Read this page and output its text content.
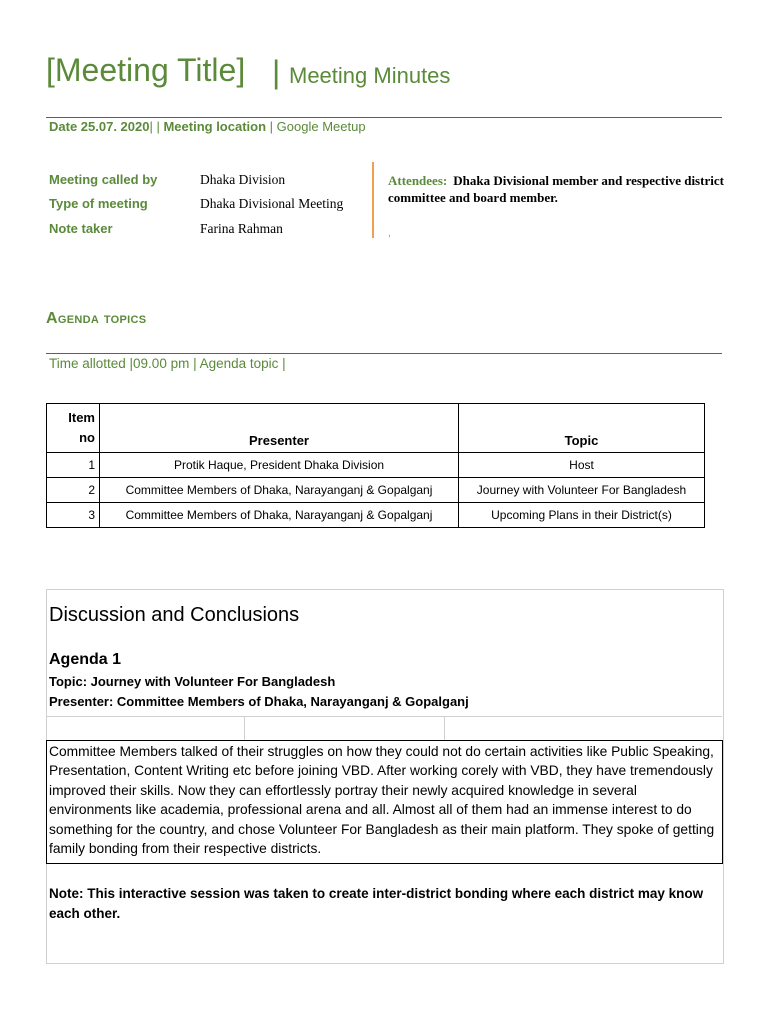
[Meeting Title] | Meeting Minutes
Date 25.07. 2020| | Meeting location | Google Meetup
Meeting called by	Dhaka Division
Type of meeting	Dhaka Divisional Meeting
Note taker	Farina Rahman
Attendees: Dhaka Divisional member and respective district committee and board member.
,
Agenda topics
Time allotted |09.00 pm | Agenda topic |
Item no	Presenter	Topic
1	Protik Haque, President Dhaka Division	Host
2	Committee Members of Dhaka, Narayanganj & Gopalganj	Journey with Volunteer For Bangladesh
3	Committee Members of Dhaka, Narayanganj & Gopalganj	Upcoming Plans in their District(s)
Discussion and Conclusions
Agenda 1
Topic: Journey with Volunteer For Bangladesh
Presenter: Committee Members of Dhaka, Narayanganj & Gopalganj
Committee Members talked of their struggles on how they could not do certain activities like Public Speaking, Presentation, Content Writing etc before joining VBD. After working corely with VBD, they have tremendously improved their skills. Now they can effortlessly portray their newly acquired knowledge in several environments like academia, professional arena and all. Almost all of them had an immense interest to do something for the country, and chose Volunteer For Bangladesh as their main platform. They spoke of getting family bonding from their respective districts.
Note: This interactive session was taken to create inter-district bonding where each district may know each other.
